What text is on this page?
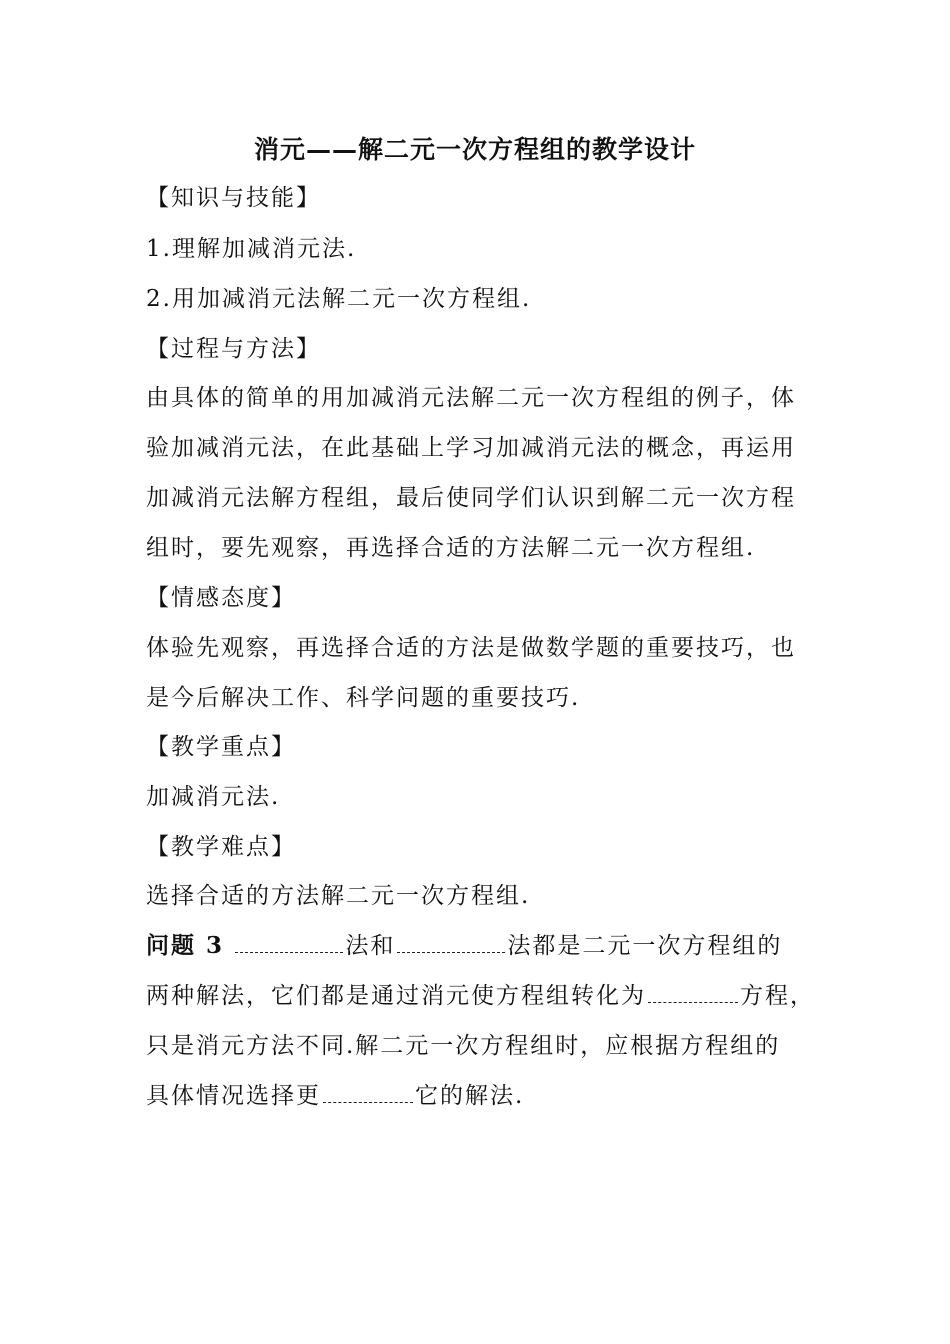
消元——解二元一次方程组的教学设计
【知识与技能】
1.理解加减消元法.
2.用加减消元法解二元一次方程组.
【过程与方法】
由具体的简单的用加减消元法解二元一次方程组的例子，体
验加减消元法，在此基础上学习加减消元法的概念，再运用
加减消元法解方程组，最后使同学们认识到解二元一次方程
组时，要先观察，再选择合适的方法解二元一次方程组.
【情感态度】
体验先观察，再选择合适的方法是做数学题的重要技巧，也
是今后解决工作、科学问题的重要技巧.
【教学重点】
加减消元法.
【教学难点】
选择合适的方法解二元一次方程组.
问题 3	法和	法都是二元一次方程组的
两种解法，它们都是通过消元使方程组转化为	方程，
只是消元方法不同.解二元一次方程组时，应根据方程组的
具体情况选择更	它的解法.
